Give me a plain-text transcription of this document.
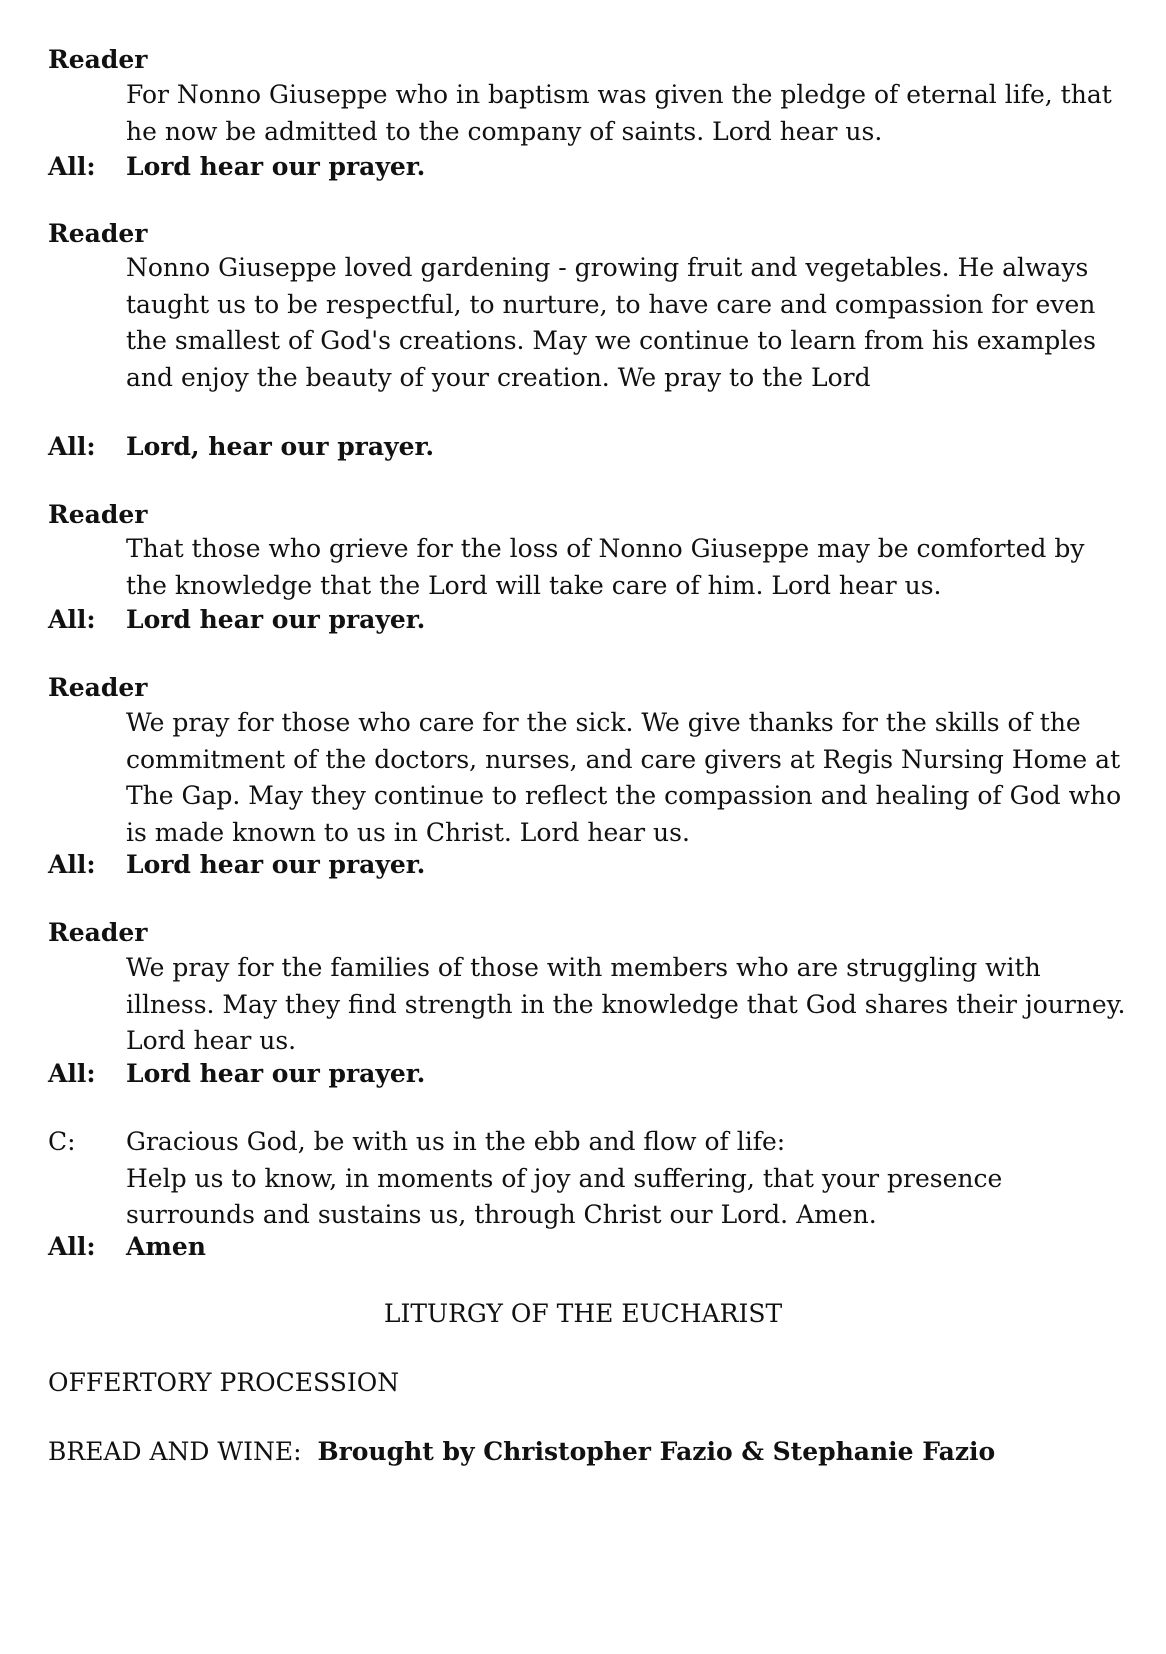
Reader
For Nonno Giuseppe who in baptism was given the pledge of eternal life, that he now be admitted to the company of saints. Lord hear us.
All: Lord hear our prayer.
Reader
Nonno Giuseppe loved gardening - growing fruit and vegetables. He always taught us to be respectful, to nurture, to have care and compassion for even the smallest of God's creations. May we continue to learn from his examples and enjoy the beauty of your creation. We pray to the Lord
All: Lord, hear our prayer.
Reader
That those who grieve for the loss of Nonno Giuseppe may be comforted by the knowledge that the Lord will take care of him. Lord hear us.
All: Lord hear our prayer.
Reader
We pray for those who care for the sick. We give thanks for the skills of the commitment of the doctors, nurses, and care givers at Regis Nursing Home at The Gap. May they continue to reflect the compassion and healing of God who is made known to us in Christ. Lord hear us.
All: Lord hear our prayer.
Reader
We pray for the families of those with members who are struggling with illness. May they find strength in the knowledge that God shares their journey. Lord hear us.
All: Lord hear our prayer.
C: Gracious God, be with us in the ebb and flow of life:
Help us to know, in moments of joy and suffering, that your presence surrounds and sustains us, through Christ our Lord. Amen.
All: Amen
LITURGY OF THE EUCHARIST
OFFERTORY PROCESSION
BREAD AND WINE: Brought by Christopher Fazio & Stephanie Fazio
